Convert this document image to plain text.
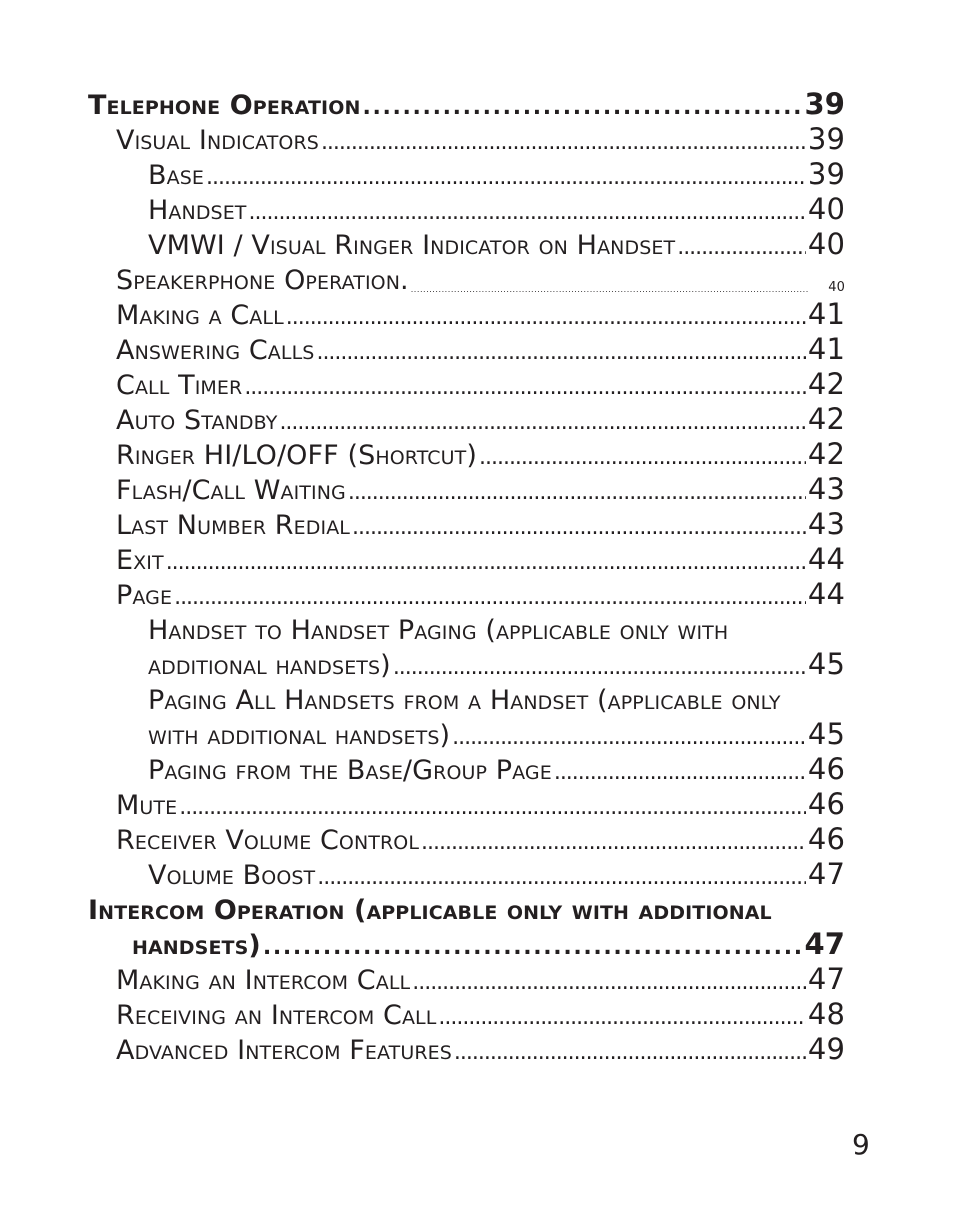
Telephone Operation . . .	39
Visual Indicators . . .	39
Base . . .	39
Handset . . .	40
VMWI / Visual Ringer Indicator on Handset . . .	40
Speakerphone Operation. . . .	40
Making a Call . . .	41
Answering Calls . . .	41
Call Timer . . .	42
Auto Standby . . .	42
Ringer HI/LO/OFF (Shortcut) . . .	42
Flash/Call Waiting . . .	43
Last Number Redial . . .	43
Exit . . .	44
Page . . .	44
Handset to Handset Paging (applicable only with
additional handsets) . . .	45
Paging All Handsets from a Handset (applicable only
with additional handsets) . . .	45
Paging from the Base/Group Page . . .	46
Mute . . .	46
Receiver Volume Control . . .	46
Volume Boost . . .	47
Intercom Operation (applicable only with additional
handsets) . . .	47
Making an Intercom Call . . .	47
Receiving an Intercom Call . . .	48
Advanced Intercom Features . . .	49
9
